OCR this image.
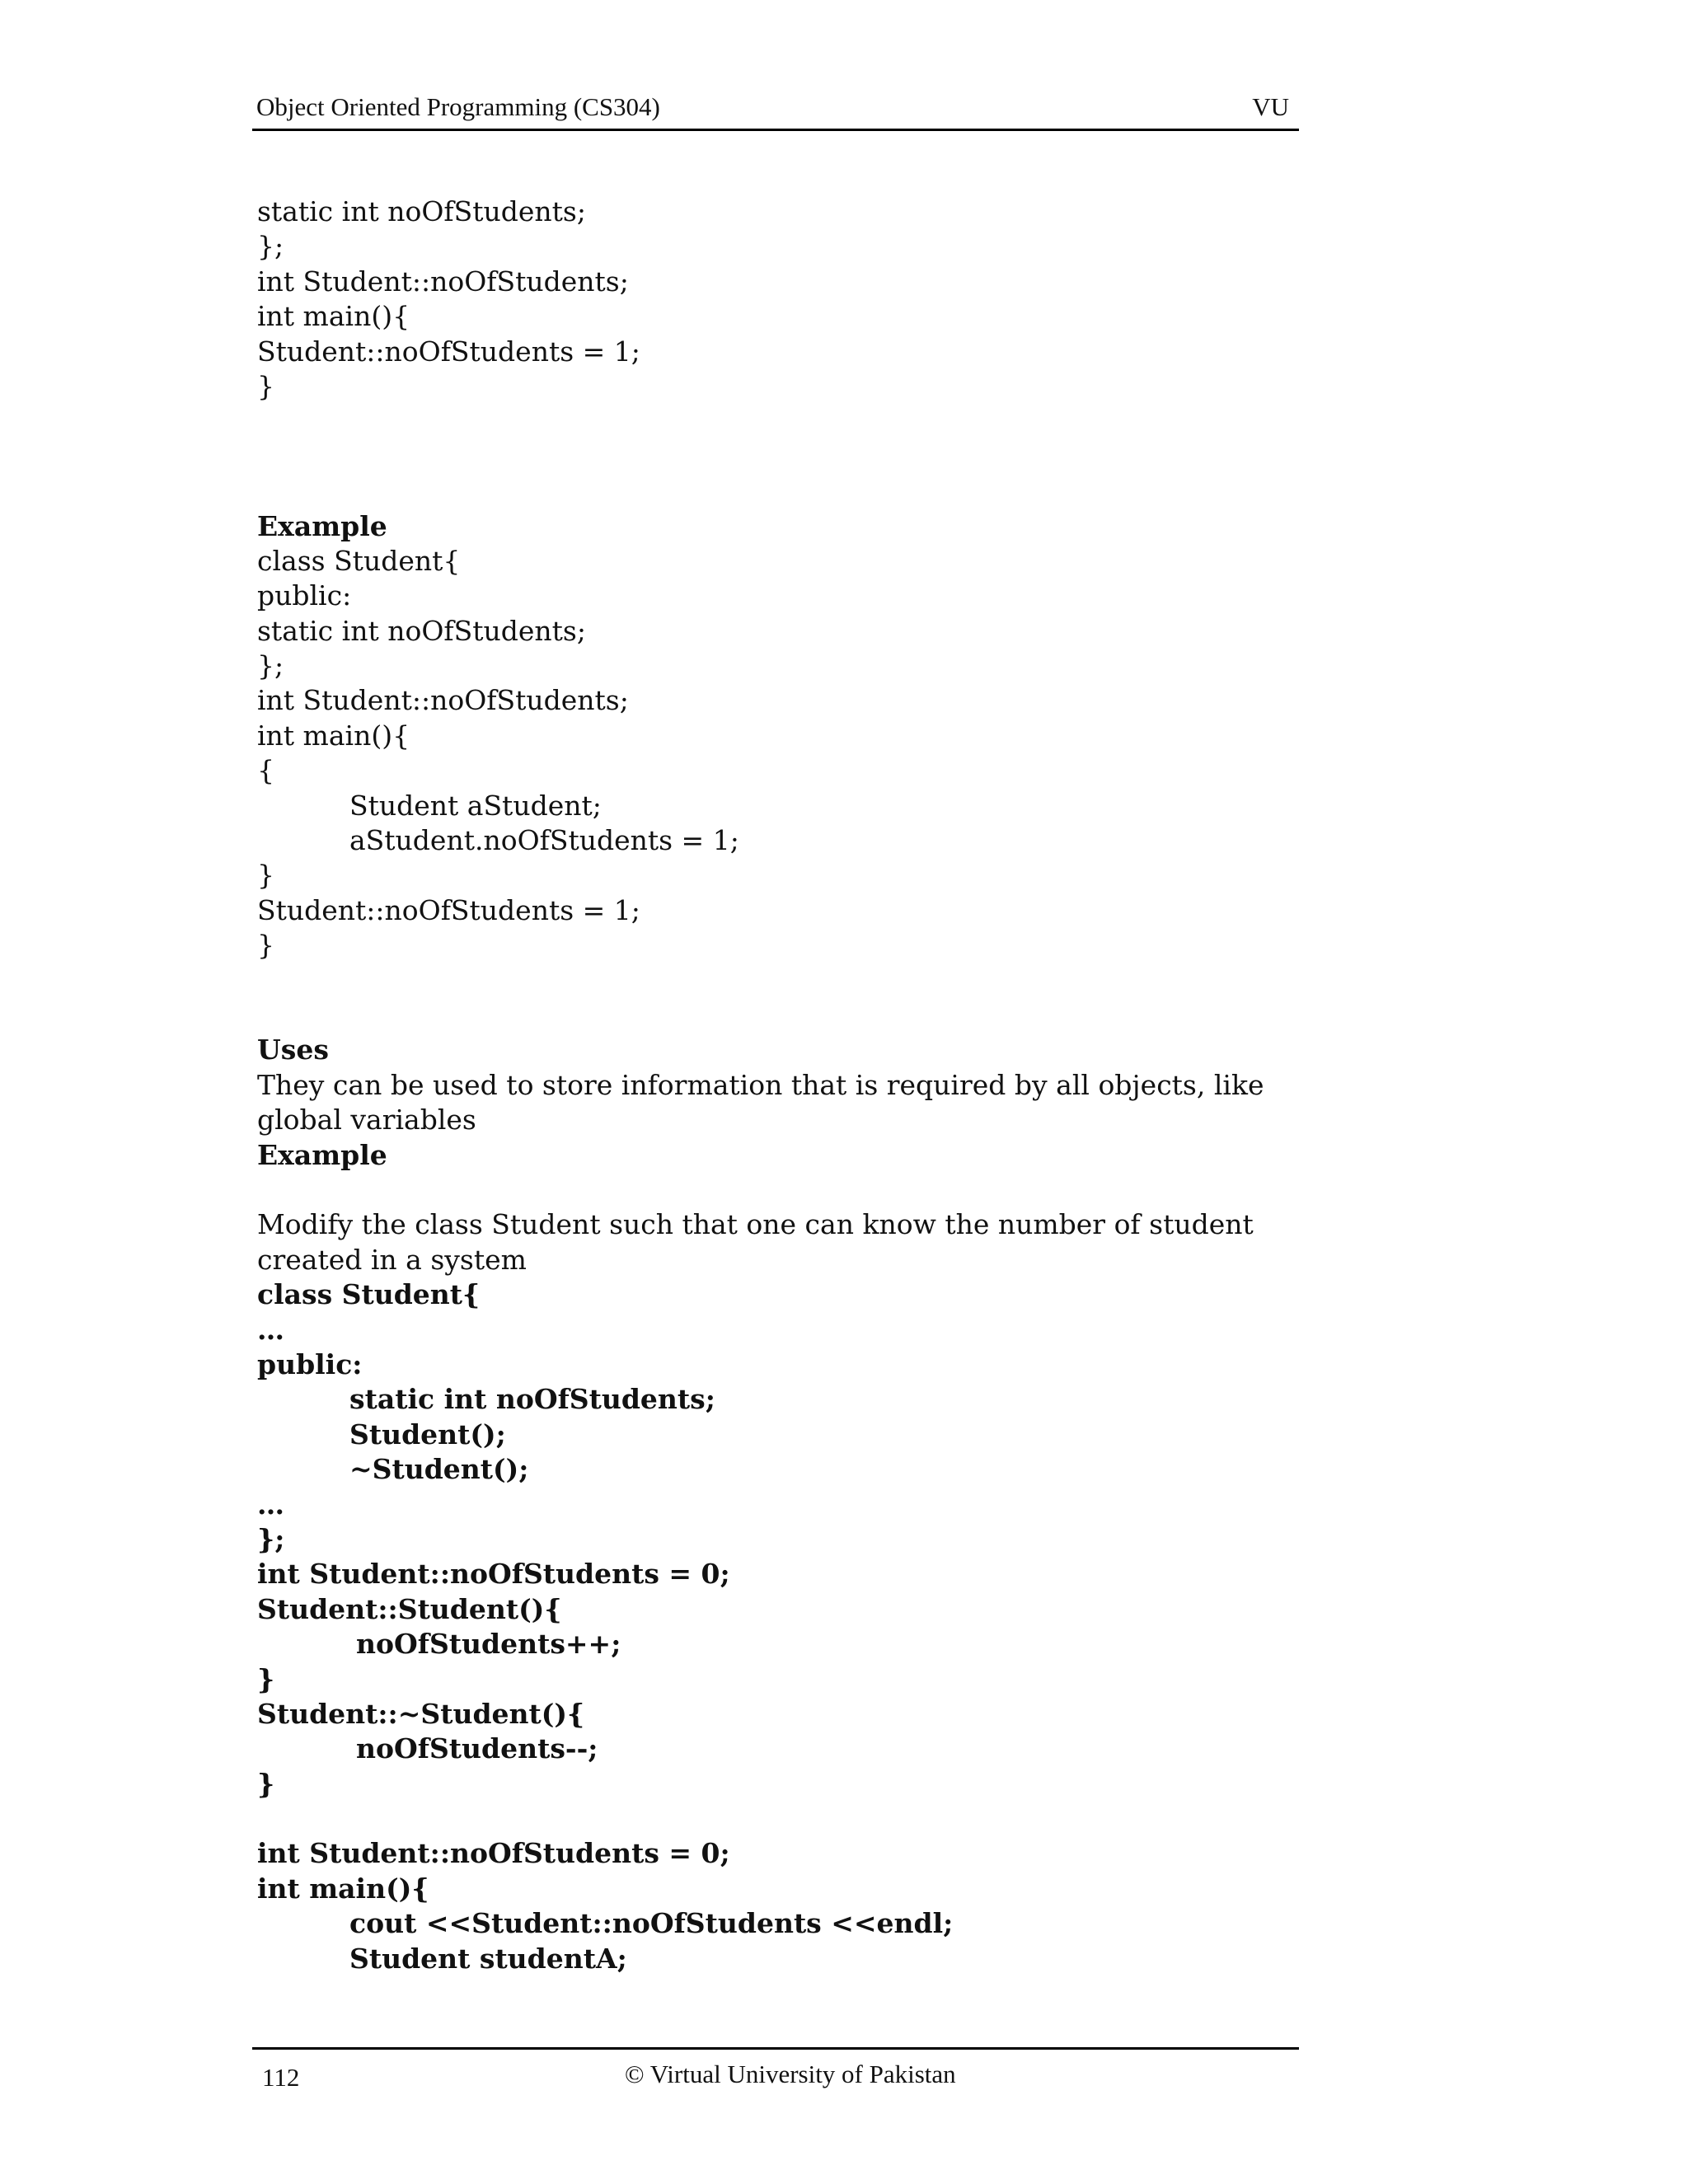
Object Oriented Programming (CS304)	VU
static int noOfStudents;
};
int Student::noOfStudents;
int main(){
Student::noOfStudents = 1;
}
Example
class Student{
public:
static int noOfStudents;
};
int Student::noOfStudents;
int main(){
{
Student aStudent;
aStudent.noOfStudents = 1;
}
Student::noOfStudents = 1;
}
Uses
They can be used to store information that is required by all objects, like global variables
Example
Modify the class Student such that one can know the number of student created in a system
class Student{
…
public:
static int noOfStudents;
Student();
~Student();
…
};
int Student::noOfStudents = 0;
Student::Student(){
noOfStudents++;
}
Student::~Student(){
noOfStudents--;
}
int Student::noOfStudents = 0;
int main(){
cout <<Student::noOfStudents <<endl;
Student studentA;
112	© Virtual University of Pakistan
